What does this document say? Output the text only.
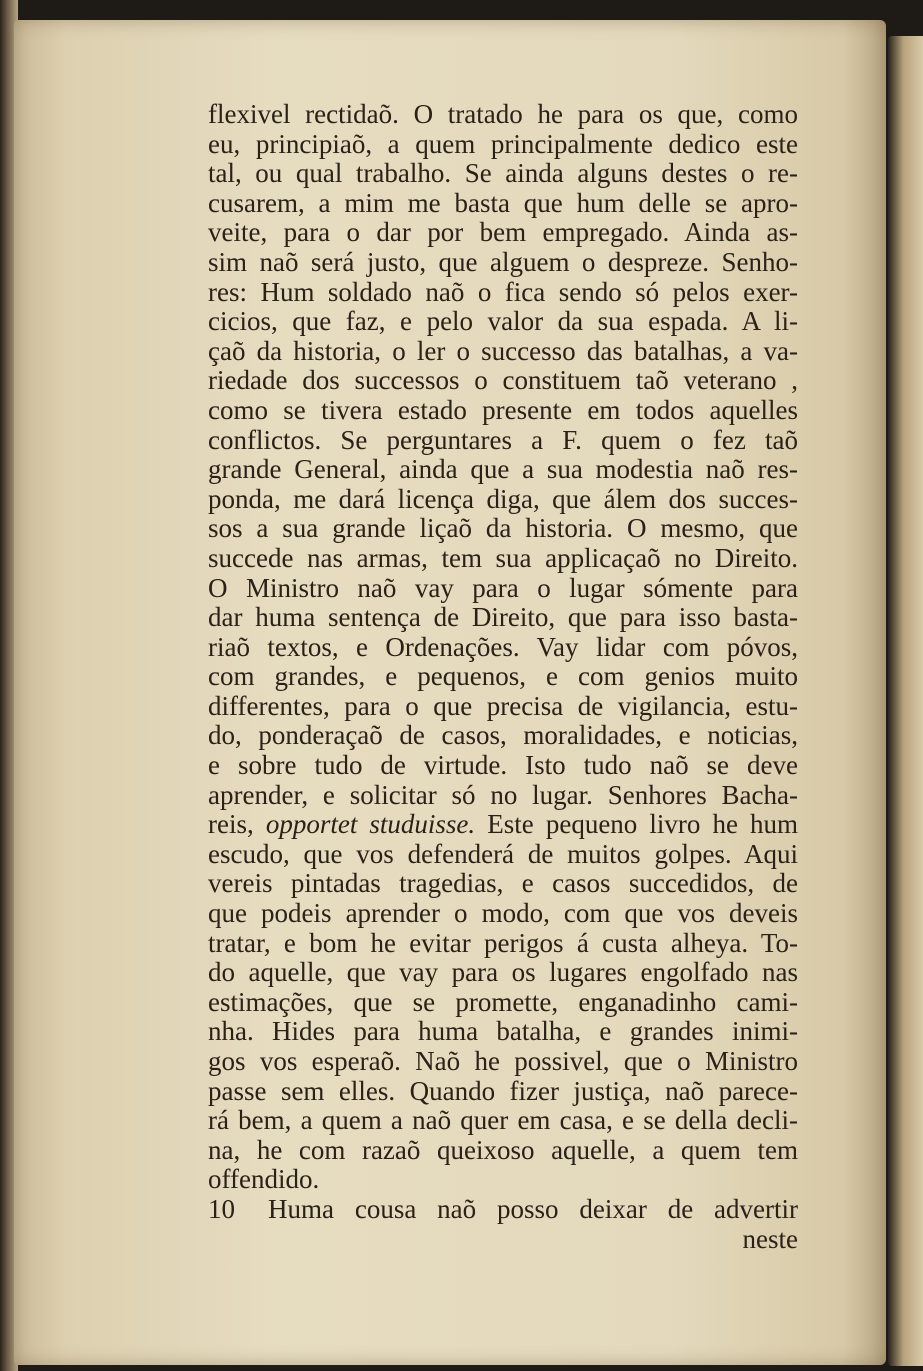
flexivel rectidaõ. O tratado he para os que, como
eu, principiaõ, a quem principalmente dedico este
tal, ou qual trabalho. Se ainda alguns destes o re-
cusarem, a mim me basta que hum delle se apro-
veite, para o dar por bem empregado. Ainda as-
sim naõ será justo, que alguem o despreze. Senho-
res: Hum soldado naõ o fica sendo só pelos exer-
cicios, que faz, e pelo valor da sua espada. A li-
çaõ da historia, o ler o successo das batalhas, a va-
riedade dos successos o constituem taõ veterano ,
como se tivera estado presente em todos aquelles
conflictos. Se perguntares a F. quem o fez taõ
grande General, ainda que a sua modestia naõ res-
ponda, me dará licença diga, que álem dos succes-
sos a sua grande liçaõ da historia. O mesmo, que
succede nas armas, tem sua applicaçaõ no Direito.
O Ministro naõ vay para o lugar sómente para
dar huma sentença de Direito, que para isso basta-
riaõ textos, e Ordenações. Vay lidar com póvos,
com grandes, e pequenos, e com genios muito
differentes, para o que precisa de vigilancia, estu-
do, ponderaçaõ de casos, moralidades, e noticias,
e sobre tudo de virtude. Isto tudo naõ se deve
aprender, e solicitar só no lugar. Senhores Bacha-
reis, opportet studuisse. Este pequeno livro he hum
escudo, que vos defenderá de muitos golpes. Aqui
vereis pintadas tragedias, e casos succedidos, de
que podeis aprender o modo, com que vos deveis
tratar, e bom he evitar perigos á custa alheya. To-
do aquelle, que vay para os lugares engolfado nas
estimações, que se promette, enganadinho cami-
nha. Hides para huma batalha, e grandes inimi-
gos vos esperaõ. Naõ he possivel, que o Ministro
passe sem elles. Quando fizer justiça, naõ parece-
rá bem, a quem a naõ quer em casa, e se della decli-
na, he com razaõ queixoso aquelle, a quem tem
offendido.
10	Huma cousa naõ posso deixar de advertir
neste
